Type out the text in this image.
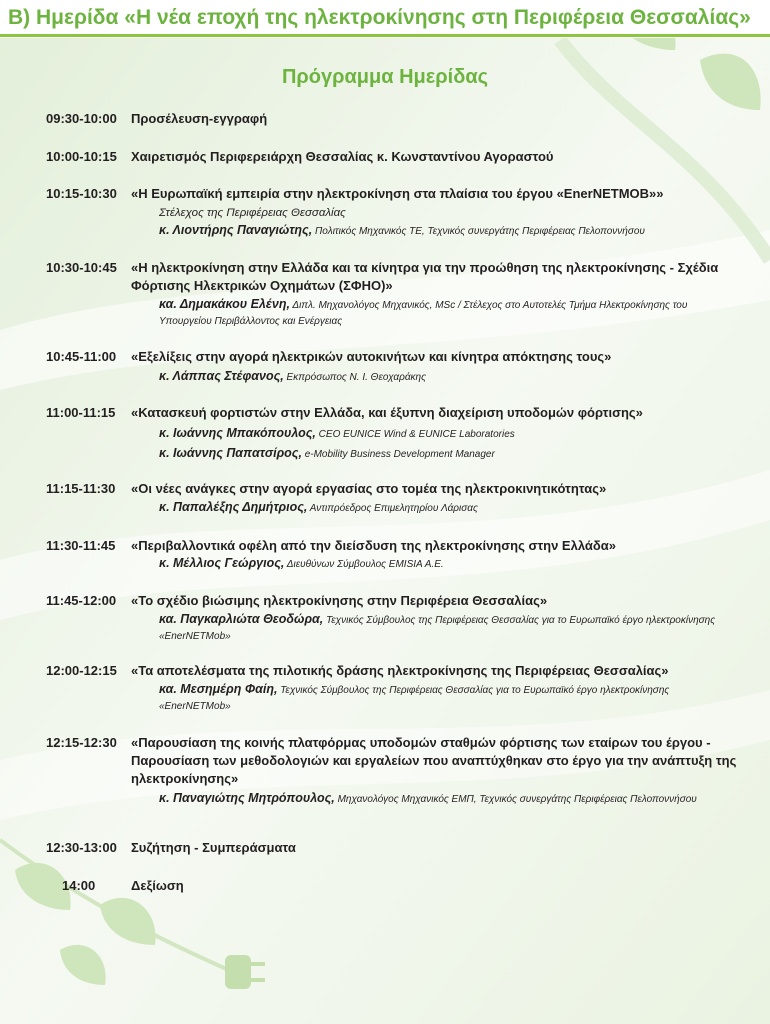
Β) Ημερίδα «Η νέα εποχή της ηλεκτροκίνησης στη Περιφέρεια Θεσσαλίας»
Πρόγραμμα Ημερίδας
09:30-10:00	Προσέλευση-εγγραφή
10:00-10:15	Χαιρετισμός Περιφερειάρχη Θεσσαλίας κ. Κωνσταντίνου Αγοραστού
10:15-10:30	«Η Ευρωπαϊκή εμπειρία στην ηλεκτροκίνηση στα πλαίσια του έργου «EnerNETMOB»»
Στέλεχος της Περιφέρειας Θεσσαλίας
κ. Λιοντήρης Παναγιώτης, Πολιτικός Μηχανικός ΤΕ, Τεχνικός συνεργάτης Περιφέρειας Πελοποννήσου
10:30-10:45	«Η ηλεκτροκίνηση στην Ελλάδα και τα κίνητρα για την προώθηση της ηλεκτροκίνησης - Σχέδια Φόρτισης Ηλεκτρικών Οχημάτων (ΣΦΗΟ)»
κα. Δημακάκου Ελένη, Διπλ. Μηχανολόγος Μηχανικός, MSc / Στέλεχος στο Αυτοτελές Τμήμα Ηλεκτροκίνησης του Υπουργείου Περιβάλλοντος και Ενέργειας
10:45-11:00	«Εξελίξεις στην αγορά ηλεκτρικών αυτοκινήτων και κίνητρα απόκτησης τους»
κ. Λάππας Στέφανος, Εκπρόσωπος Ν. Ι. Θεοχαράκης
11:00-11:15	«Κατασκευή φορτιστών στην Ελλάδα, και έξυπνη διαχείριση υποδομών φόρτισης»
κ. Ιωάννης Μπακόπουλος, CEO EUNICE Wind & EUNICE Laboratories
κ. Ιωάννης Παπατσίρος, e-Mobility Business Development Manager
11:15-11:30	«Οι νέες ανάγκες στην αγορά εργασίας στο τομέα της ηλεκτροκινητικότητας»
κ. Παπαλέξης Δημήτριος, Αντιπρόεδρος Επιμελητηρίου Λάρισας
11:30-11:45	«Περιβαλλοντικά οφέλη από την διείσδυση της ηλεκτροκίνησης στην Ελλάδα»
κ. Μέλλιος Γεώργιος, Διευθύνων Σύμβουλος EMISIA A.E.
11:45-12:00	«Το σχέδιο βιώσιμης ηλεκτροκίνησης στην Περιφέρεια Θεσσαλίας»
κα. Παγκαρλιώτα Θεοδώρα, Τεχνικός Σύμβουλος της Περιφέρειας Θεσσαλίας για το Ευρωπαϊκό έργο ηλεκτροκίνησης «EnerNETMob»
12:00-12:15	«Τα αποτελέσματα της πιλοτικής δράσης ηλεκτροκίνησης της Περιφέρειας Θεσσαλίας»
κα. Μεσημέρη Φαίη, Τεχνικός Σύμβουλος της Περιφέρειας Θεσσαλίας για το Ευρωπαϊκό έργο ηλεκτροκίνησης «EnerNETMob»
12:15-12:30	«Παρουσίαση της κοινής πλατφόρμας υποδομών σταθμών φόρτισης των εταίρων του έργου - Παρουσίαση των μεθοδολογιών και εργαλείων που αναπτύχθηκαν στο έργο για την ανάπτυξη της ηλεκτροκίνησης»
κ. Παναγιώτης Μητρόπουλος, Μηχανολόγος Μηχανικός ΕΜΠ, Τεχνικός συνεργάτης Περιφέρειας Πελοποννήσου
12:30-13:00	Συζήτηση - Συμπεράσματα
14:00	Δεξίωση
